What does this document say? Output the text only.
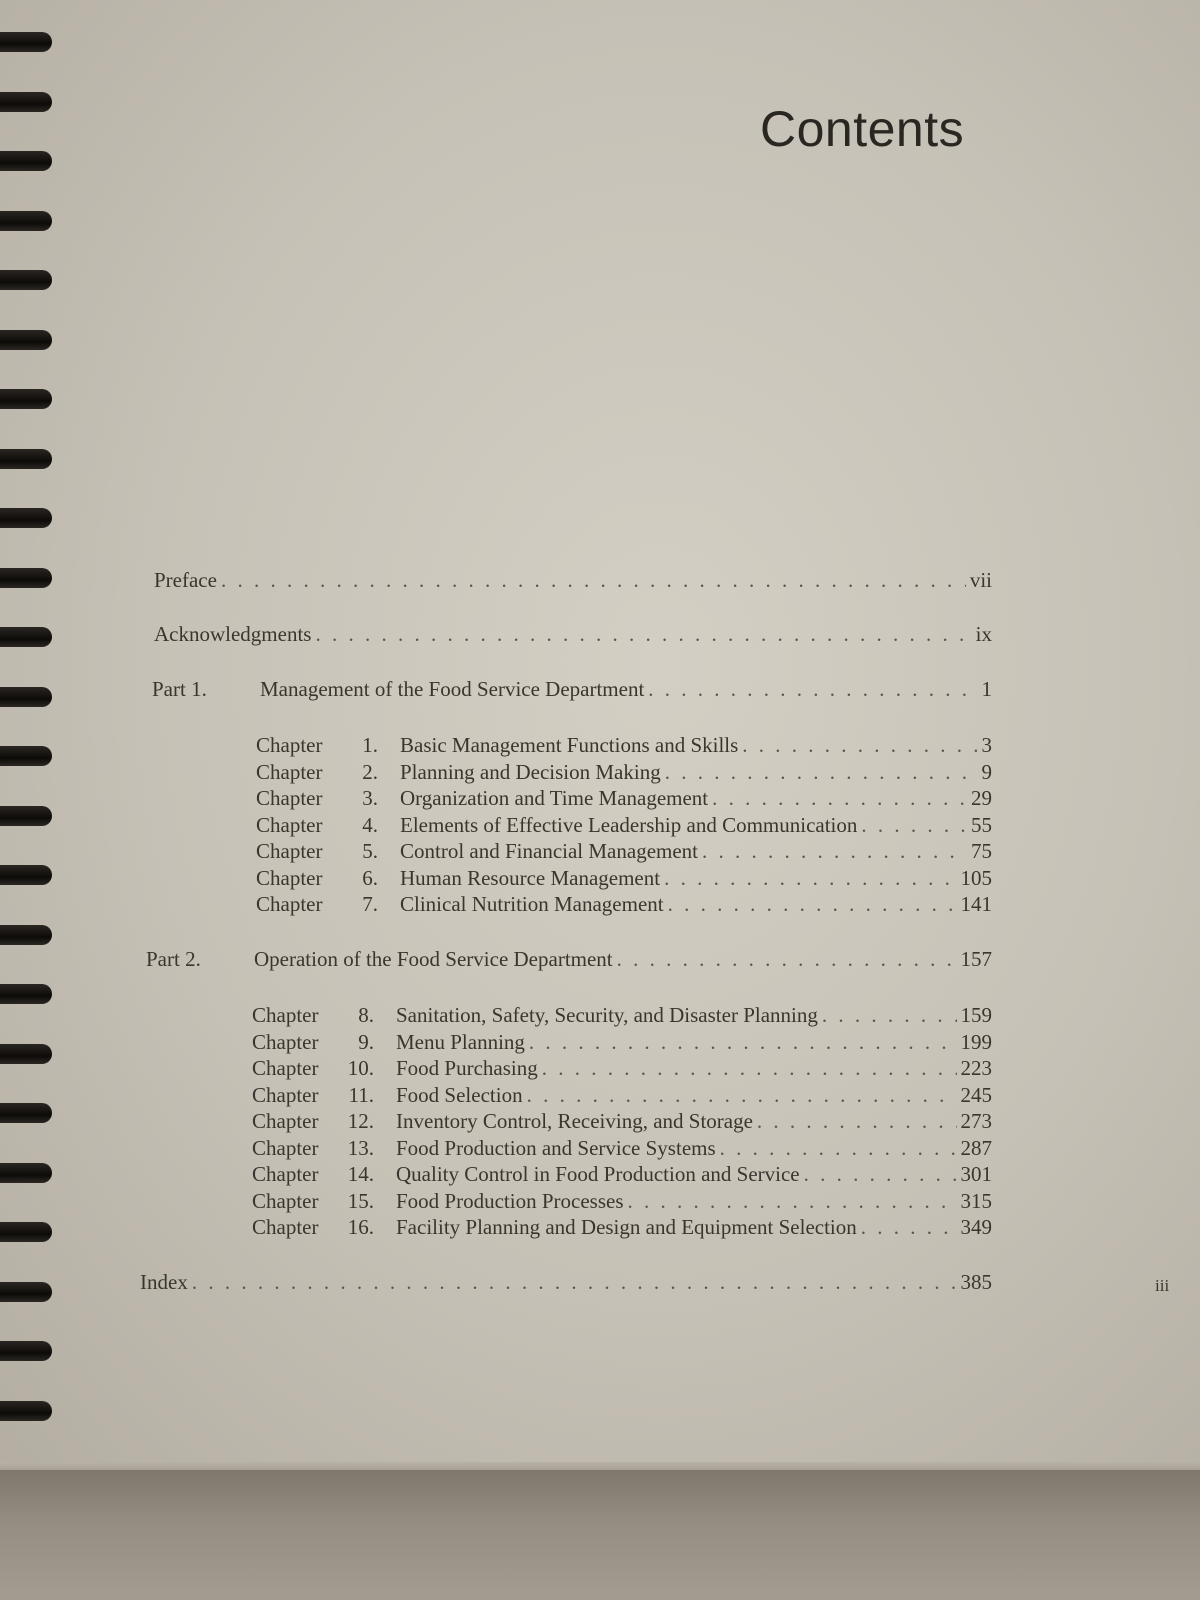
Contents
Preface . . .	vii
Acknowledgments . . .	ix
Part 1.	Management of the Food Service Department . . .	1
Chapter	1. Basic Management Functions and Skills . . .	3
Chapter	2. Planning and Decision Making . . .	9
Chapter	3. Organization and Time Management . . .	29
Chapter	4. Elements of Effective Leadership and Communication . . .	55
Chapter	5. Control and Financial Management . . .	75
Chapter	6. Human Resource Management . . .	105
Chapter	7. Clinical Nutrition Management . . .	141
Part 2.	Operation of the Food Service Department . . .	157
Chapter	8. Sanitation, Safety, Security, and Disaster Planning . . .	159
Chapter	9. Menu Planning . . .	199
Chapter	10. Food Purchasing . . .	223
Chapter	11. Food Selection . . .	245
Chapter	12. Inventory Control, Receiving, and Storage . . .	273
Chapter	13. Food Production and Service Systems . . .	287
Chapter	14. Quality Control in Food Production and Service . . .	301
Chapter	15. Food Production Processes . . .	315
Chapter	16. Facility Planning and Design and Equipment Selection . . .	349
Index . . .	385	iii
